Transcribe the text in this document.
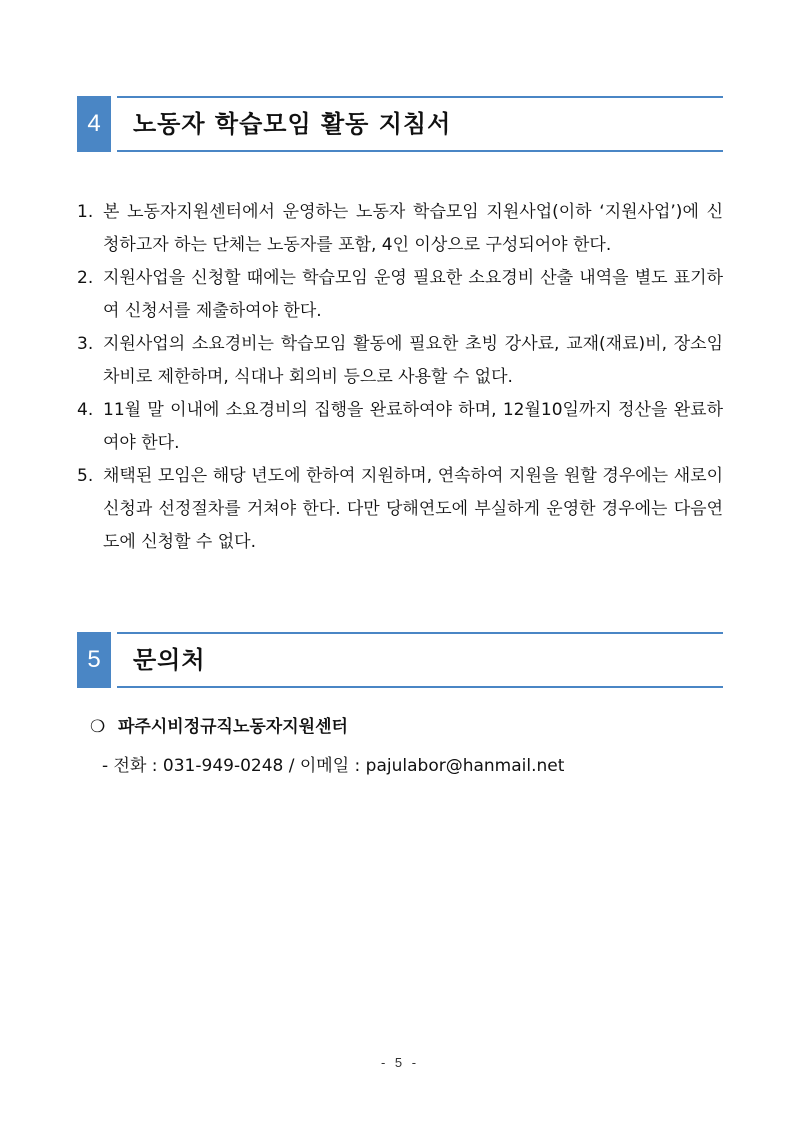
4	노동자 학습모임 활동 지침서
1. 본 노동자지원센터에서 운영하는 노동자 학습모임 지원사업(이하 ‘지원사업’)에 신청하고자 하는 단체는 노동자를 포함, 4인 이상으로 구성되어야 한다.
2. 지원사업을 신청할 때에는 학습모임 운영 필요한 소요경비 산출 내역을 별도 표기하여 신청서를 제출하여야 한다.
3. 지원사업의 소요경비는 학습모임 활동에 필요한 초빙 강사료, 교재(재료)비, 장소임차비로 제한하며, 식대나 회의비 등으로 사용할 수 없다.
4. 11월 말 이내에 소요경비의 집행을 완료하여야 하며, 12월10일까지 정산을 완료하여야 한다.
5. 채택된 모임은 해당 년도에 한하여 지원하며, 연속하여 지원을 원할 경우에는 새로이 신청과 선정절차를 거쳐야 한다. 다만 당해연도에 부실하게 운영한 경우에는 다음연도에 신청할 수 없다.
5	문의처
❍ 파주시비정규직노동자지원센터
- 전화 : 031-949-0248 / 이메일 : pajulabor@hanmail.net
- 5 -
